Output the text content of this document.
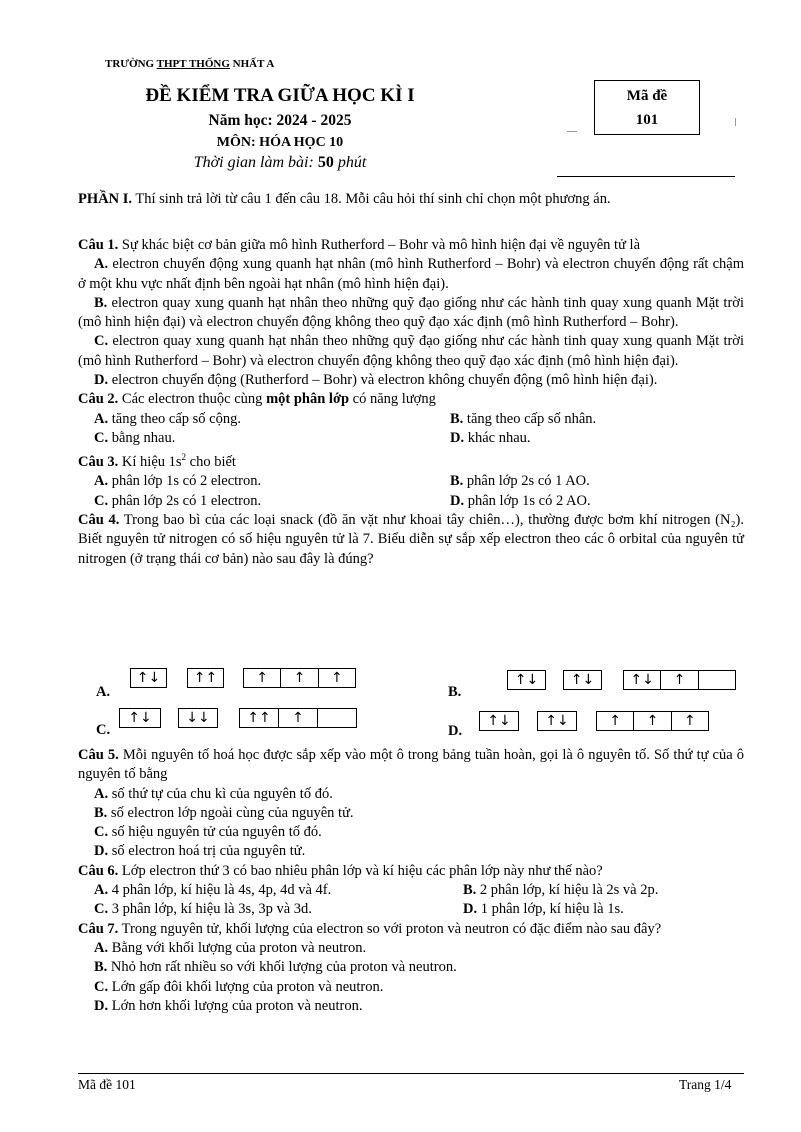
TRƯỜNG THPT THỐNG NHẤT A
ĐỀ KIỂM TRA GIỮA HỌC KÌ I
Năm học: 2024 - 2025
MÔN: HÓA HỌC 10
Thời gian làm bài: 50 phút
Mã đề
101

PHẦN I. Thí sinh trả lời từ câu 1 đến câu 18. Mỗi câu hỏi thí sinh chỉ chọn một phương án.

Câu 1. Sự khác biệt cơ bản giữa mô hình Rutherford – Bohr và mô hình hiện đại về nguyên tử là

A. electron chuyển động xung quanh hạt nhân (mô hình Rutherford – Bohr) và electron chuyển động rất chậm ở một khu vực nhất định bên ngoài hạt nhân (mô hình hiện đại).

B. electron quay xung quanh hạt nhân theo những quỹ đạo giống như các hành tinh quay xung quanh Mặt trời (mô hình hiện đại) và electron chuyển động không theo quỹ đạo xác định (mô hình Rutherford – Bohr).

C. electron quay xung quanh hạt nhân theo những quỹ đạo giống như các hành tinh quay xung quanh Mặt trời (mô hình Rutherford – Bohr) và electron chuyển động không theo quỹ đạo xác định (mô hình hiện đại).

D. electron chuyển động (Rutherford – Bohr) và electron không chuyển động (mô hình hiện đại).

Câu 2. Các electron thuộc cùng một phân lớp có năng lượng

A. tăng theo cấp số cộng.	B. tăng theo cấp số nhân.
C. bằng nhau.	D. khác nhau.

Câu 3. Kí hiệu $1s^2$ cho biết

A. phân lớp 1s có 2 electron.	B. phân lớp 2s có 1 AO.
C. phân lớp 2s có 1 electron.	D. phân lớp 1s có 2 AO.

Câu 4. Trong bao bì của các loại snack (đồ ăn vặt như khoai tây chiên…), thường được bơm khí nitrogen (N₂). Biết nguyên tử nitrogen có số hiệu nguyên tử là 7. Biểu diễn sự sắp xếp electron theo các ô orbital của nguyên tử nitrogen (ở trạng thái cơ bản) nào sau đây là đúng?

A.
↑↓	↑↑	↑	↑	↑
B.
↑↓	↑↓	↑↓	↑
C.
↑↓	↓↓	↑↑	↑
D.
↑↓	↑↓	↑	↑	↑

Câu 5. Mỗi nguyên tố hoá học được sắp xếp vào một ô trong bảng tuần hoàn, gọi là ô nguyên tố. Số thứ tự của ô nguyên tố bằng

A. số thứ tự của chu kì của nguyên tố đó.

B. số electron lớp ngoài cùng của nguyên tử.

C. số hiệu nguyên tử của nguyên tố đó.

D. số electron hoá trị của nguyên tử.

Câu 6. Lớp electron thứ 3 có bao nhiêu phân lớp và kí hiệu các phân lớp này như thế nào?

A. 4 phân lớp, kí hiệu là 4s, 4p, 4d và 4f.	B. 2 phân lớp, kí hiệu là 2s và 2p.
C. 3 phân lớp, kí hiệu là 3s, 3p và 3d.	D. 1 phân lớp, kí hiệu là 1s.

Câu 7. Trong nguyên tử, khối lượng của electron so với proton và neutron có đặc điểm nào sau đây?

A. Bằng với khối lượng của proton và neutron.

B. Nhỏ hơn rất nhiều so với khối lượng của proton và neutron.

C. Lớn gấp đôi khối lượng của proton và neutron.

D. Lớn hơn khối lượng của proton và neutron.

Mã đề 101	Trang 1/4
